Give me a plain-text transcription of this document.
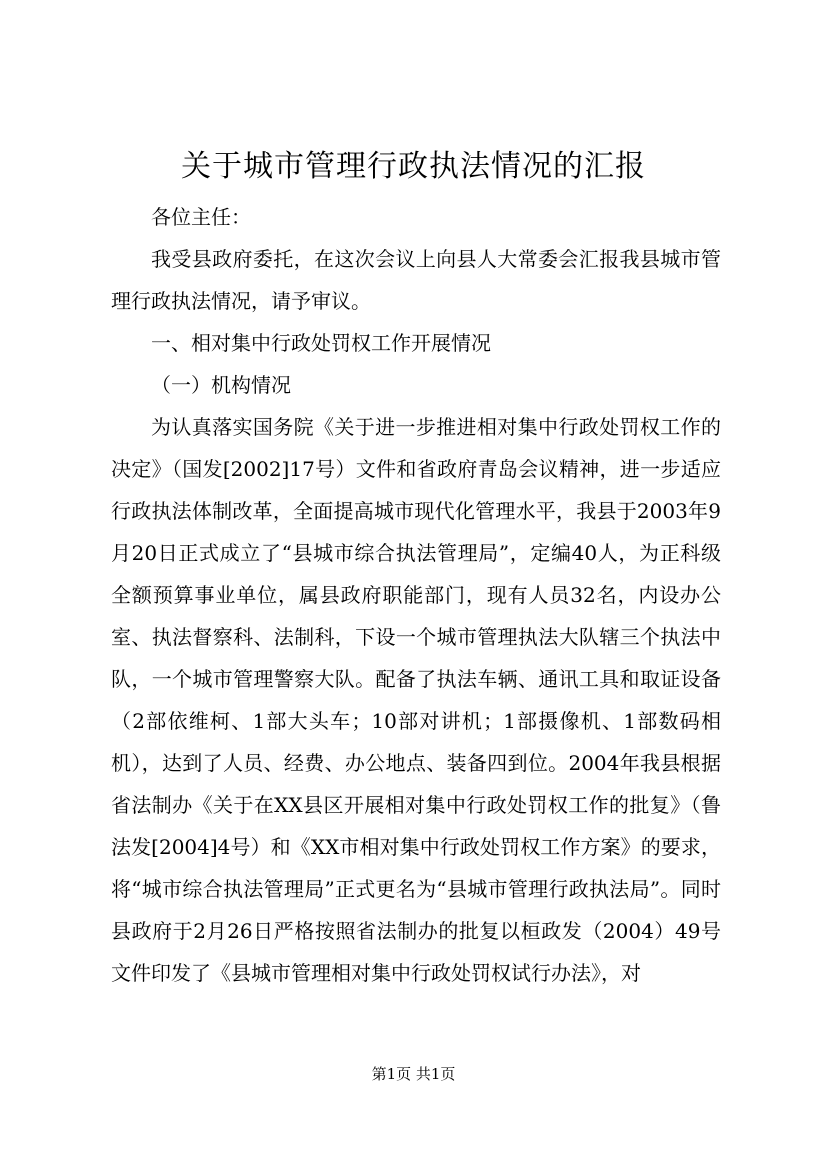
关于城市管理行政执法情况的汇报

各位主任：

我受县政府委托，在这次会议上向县人大常委会汇报我县城市管理行政执法情况，请予审议。

一、相对集中行政处罚权工作开展情况

（一）机构情况

为认真落实国务院《关于进一步推进相对集中行政处罚权工作的决定》（国发[2002]17号）文件和省政府青岛会议精神，进一步适应行政执法体制改革，全面提高城市现代化管理水平，我县于2003年9月20日正式成立了“县城市综合执法管理局”，定编40人，为正科级全额预算事业单位，属县政府职能部门，现有人员32名，内设办公室、执法督察科、法制科，下设一个城市管理执法大队辖三个执法中队，一个城市管理警察大队。配备了执法车辆、通讯工具和取证设备（2部依维柯、1部大头车；10部对讲机；1部摄像机、1部数码相机），达到了人员、经费、办公地点、装备四到位。2004年我县根据省法制办《关于在XX县区开展相对集中行政处罚权工作的批复》（鲁法发[2004]4号）和《XX市相对集中行政处罚权工作方案》的要求，将“城市综合执法管理局”正式更名为“县城市管理行政执法局”。同时县政府于2月26日严格按照省法制办的批复以桓政发（2004）49号文件印发了《县城市管理相对集中行政处罚权试行办法》，对

第1页 共1页
